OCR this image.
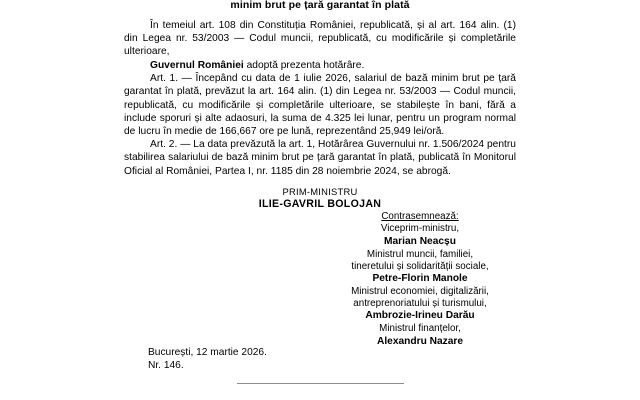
minim brut pe țară garantat în plată

În temeiul art. 108 din Constituția României, republicată, și al art. 164 alin. (1) din Legea nr. 53/2003 — Codul muncii, republicată, cu modificările și completările ulterioare,

Guvernul României adoptă prezenta hotărâre.

Art. 1. — Începând cu data de 1 iulie 2026, salariul de bază minim brut pe țară garantat în plată, prevăzut la art. 164 alin. (1) din Legea nr. 53/2003 — Codul muncii, republicată, cu modificările și completările ulterioare, se stabilește în bani, fără a include sporuri și alte adaosuri, la suma de 4.325 lei lunar, pentru un program normal de lucru în medie de 166,667 ore pe lună, reprezentând 25,949 lei/oră.

Art. 2. — La data prevăzută la art. 1, Hotărârea Guvernului nr. 1.506/2024 pentru stabilirea salariului de bază minim brut pe țară garantat în plată, publicată în Monitorul Oficial al României, Partea I, nr. 1185 din 28 noiembrie 2024, se abrogă.

PRIM-MINISTRU
ILIE-GAVRIL BOLOJAN
Contrasemnează:
Viceprim-ministru,
Marian Neacșu
Ministrul muncii, familiei,
tineretului și solidarității sociale,
Petre-Florin Manole
Ministrul economiei, digitalizării,
antreprenoriatului și turismului,
Ambrozie-Irineu Darău
Ministrul finanțelor,
Alexandru Nazare
București, 12 martie 2026.
Nr. 146.
